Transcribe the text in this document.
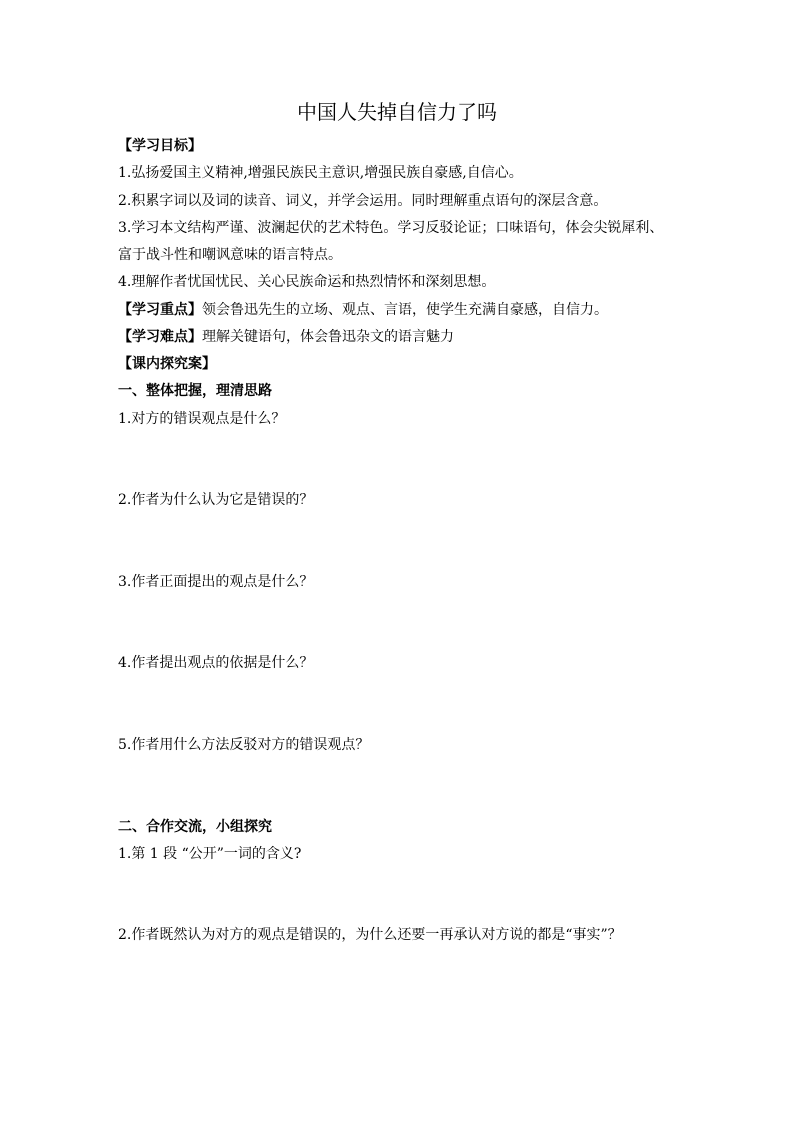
中国人失掉自信力了吗
【学习目标】
1.弘扬爱国主义精神,增强民族民主意识,增强民族自豪感,自信心。
2.积累字词以及词的读音、词义，并学会运用。同时理解重点语句的深层含意。
3.学习本文结构严谨、波澜起伏的艺术特色。学习反驳论证；口味语句，体会尖锐犀利、
富于战斗性和嘲讽意味的语言特点。
4.理解作者忧国忧民、关心民族命运和热烈情怀和深刻思想。
【学习重点】领会鲁迅先生的立场、观点、言语，使学生充满自豪感，自信力。
【学习难点】理解关键语句，体会鲁迅杂文的语言魅力
【课内探究案】
一、整体把握，理清思路
1.对方的错误观点是什么？
2.作者为什么认为它是错误的？
3.作者正面提出的观点是什么？
4.作者提出观点的依据是什么？
5.作者用什么方法反驳对方的错误观点？
二、合作交流，小组探究
1.第 1 段 “公开”一词的含义?
2.作者既然认为对方的观点是错误的，为什么还要一再承认对方说的都是“事实”？
